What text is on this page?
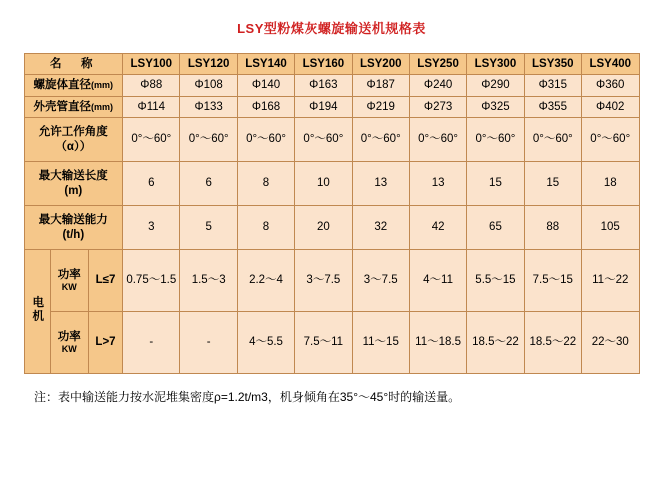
LSY型粉煤灰螺旋输送机规格表
名　称			LSY100	LSY120	LSY140	LSY160	LSY200	LSY250	LSY300	LSY350	LSY400
螺旋体直径(mm)			Φ88	Φ108	Φ140	Φ163	Φ187	Φ240	Φ290	Φ315	Φ360
外壳管直径(mm)			Φ114	Φ133	Φ168	Φ194	Φ219	Φ273	Φ325	Φ355	Φ402

允许工作角度
（α））			0°～60°	0°～60°	0°～60°	0°～60°	0°～60°	0°～60°	0°～60°	0°～60°	0°～60°

最大输送长度
(m)			6	6	8	10	13	13	15	15	18

最大输送能力
(t/h)			3	5	8	20	32	42	65	88	105
电机	功率
KW	L≤7	0.75～1.5	1.5～3	2.2～4	3～7.5	3～7.5	4～11	5.5～15	7.5～15	11～22

	功率
KW	L>7	-	-	4～5.5	7.5～11	11～15	11～18.5	18.5～22	18.5～22	22～30
注：表中输送能力按水泥堆集密度ρ=1.2t/m3，机身倾角在35°～45°时的输送量。
